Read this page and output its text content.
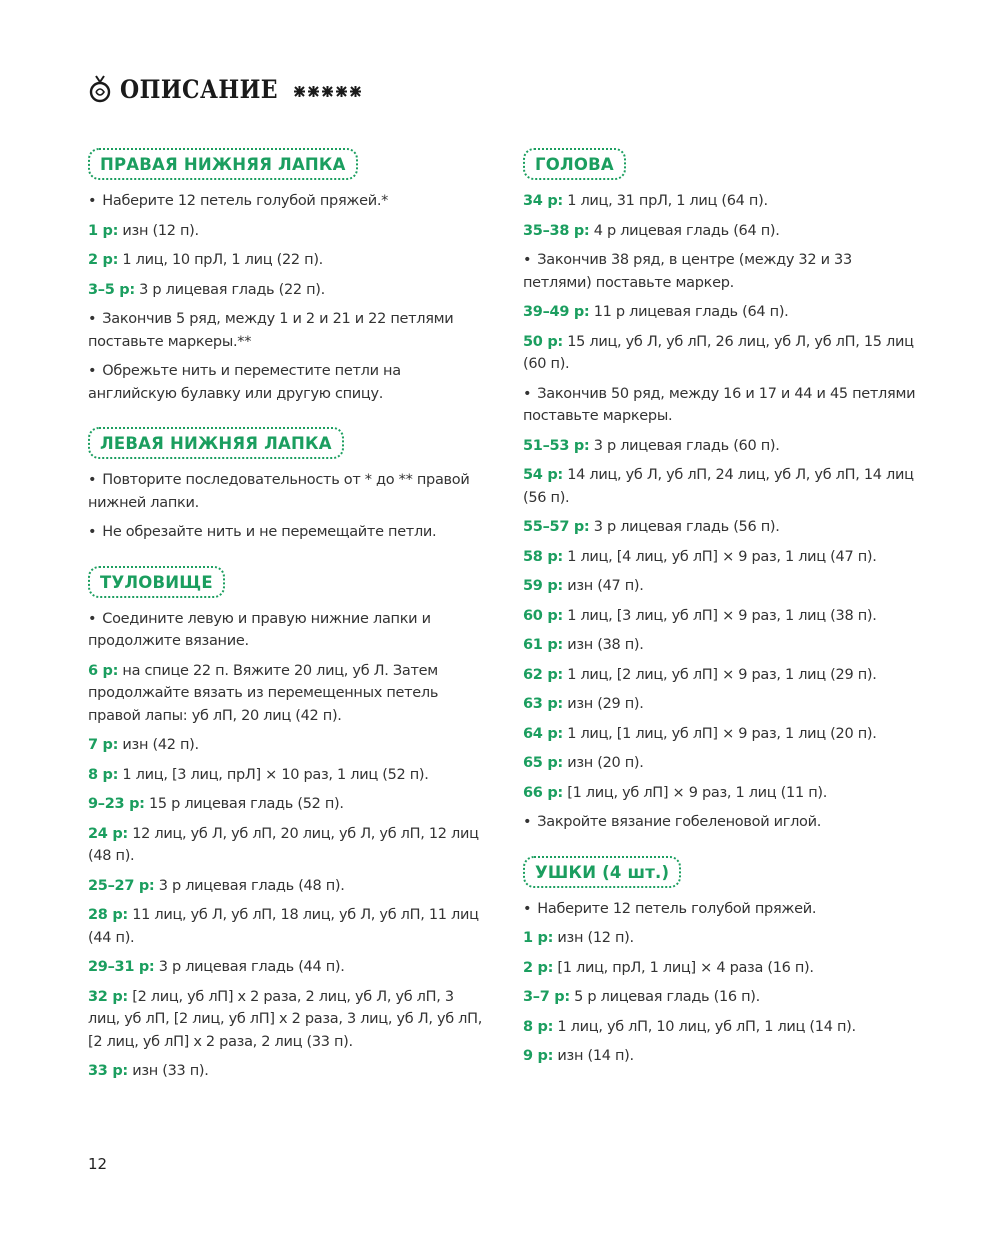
ОПИСАНИЕ
ПРАВАЯ НИЖНЯЯ ЛАПКА
• Наберите 12 петель голубой пряжей.*
1 р: изн (12 п).
2 р: 1 лиц, 10 прЛ, 1 лиц (22 п).
3–5 р: 3 р лицевая гладь (22 п).
• Закончив 5 ряд, между 1 и 2 и 21 и 22 петлями поставьте маркеры.**
• Обрежьте нить и переместите петли на английскую булавку или другую спицу.
ЛЕВАЯ НИЖНЯЯ ЛАПКА
• Повторите последовательность от * до ** правой нижней лапки.
• Не обрезайте нить и не перемещайте петли.
ТУЛОВИЩЕ
• Соедините левую и правую нижние лапки и продолжите вязание.
6 р: на спице 22 п. Вяжите 20 лиц, уб Л. Затем продолжайте вязать из перемещенных петель правой лапы: уб лП, 20 лиц (42 п).
7 р: изн (42 п).
8 р: 1 лиц, [3 лиц, прЛ] × 10 раз, 1 лиц (52 п).
9–23 р: 15 р лицевая гладь (52 п).
24 р: 12 лиц, уб Л, уб лП, 20 лиц, уб Л, уб лП, 12 лиц (48 п).
25–27 р: 3 р лицевая гладь (48 п).
28 р: 11 лиц, уб Л, уб лП, 18 лиц, уб Л, уб лП, 11 лиц (44 п).
29–31 р: 3 р лицевая гладь (44 п).
32 р: [2 лиц, уб лП] х 2 раза, 2 лиц, уб Л, уб лП, 3 лиц, уб лП, [2 лиц, уб лП] х 2 раза, 3 лиц, уб Л, уб лП, [2 лиц, уб лП] х 2 раза, 2 лиц (33 п).
33 р: изн (33 п).
ГОЛОВА
34 р: 1 лиц, 31 прЛ, 1 лиц (64 п).
35–38 р: 4 р лицевая гладь (64 п).
• Закончив 38 ряд, в центре (между 32 и 33 петлями) поставьте маркер.
39–49 р: 11 р лицевая гладь (64 п).
50 р: 15 лиц, уб Л, уб лП, 26 лиц, уб Л, уб лП, 15 лиц (60 п).
• Закончив 50 ряд, между 16 и 17 и 44 и 45 петлями поставьте маркеры.
51–53 р: 3 р лицевая гладь (60 п).
54 р: 14 лиц, уб Л, уб лП, 24 лиц, уб Л, уб лП, 14 лиц (56 п).
55–57 р: 3 р лицевая гладь (56 п).
58 р: 1 лиц, [4 лиц, уб лП] × 9 раз, 1 лиц (47 п).
59 р: изн (47 п).
60 р: 1 лиц, [3 лиц, уб лП] × 9 раз, 1 лиц (38 п).
61 р: изн (38 п).
62 р: 1 лиц, [2 лиц, уб лП] × 9 раз, 1 лиц (29 п).
63 р: изн (29 п).
64 р: 1 лиц, [1 лиц, уб лП] × 9 раз, 1 лиц (20 п).
65 р: изн (20 п).
66 р: [1 лиц, уб лП] × 9 раз, 1 лиц (11 п).
• Закройте вязание гобеленовой иглой.
УШКИ (4 шт.)
• Наберите 12 петель голубой пряжей.
1 р: изн (12 п).
2 р: [1 лиц, прЛ, 1 лиц] × 4 раза (16 п).
3–7 р: 5 р лицевая гладь (16 п).
8 р: 1 лиц, уб лП, 10 лиц, уб лП, 1 лиц (14 п).
9 р: изн (14 п).
12
